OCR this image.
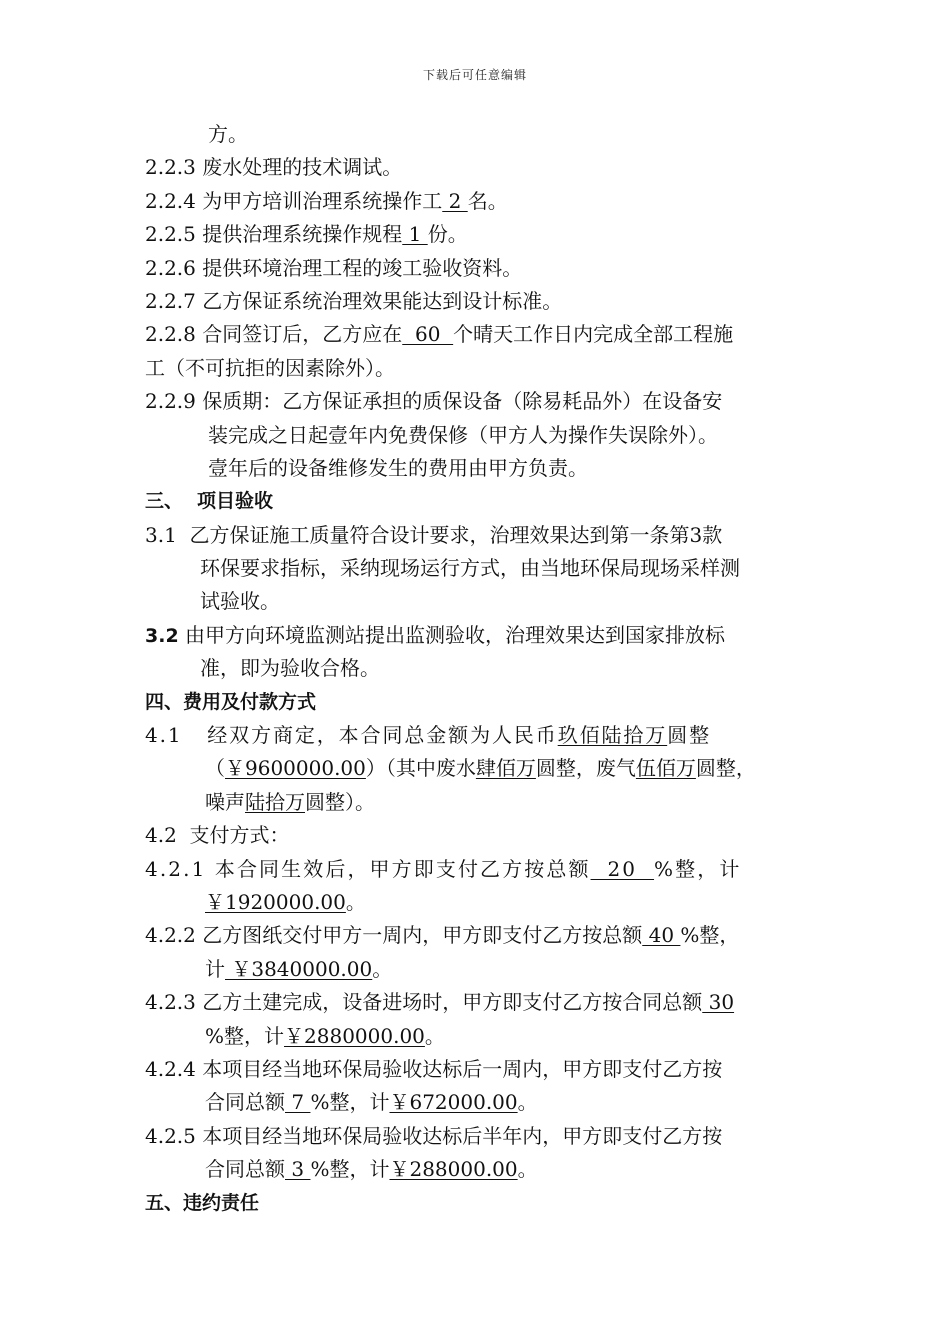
下载后可任意编辑
方。
2.2.3 废水处理的技术调试。
2.2.4 为甲方培训治理系统操作工 2 名。
2.2.5 提供治理系统操作规程 1 份。
2.2.6 提供环境治理工程的竣工验收资料。
2.2.7 乙方保证系统治理效果能达到设计标准。
2.2.8 合同签订后，乙方应在  60  个晴天工作日内完成全部工程施
工（不可抗拒的因素除外）。
2.2.9 保质期：乙方保证承担的质保设备（除易耗品外）在设备安
装完成之日起壹年内免费保修（甲方人为操作失误除外）。
壹年后的设备维修发生的费用由甲方负责。
三、 项目验收
3.1  乙方保证施工质量符合设计要求，治理效果达到第一条第3款
环保要求指标，采纳现场运行方式，由当地环保局现场采样测
试验收。
3.2 由甲方向环境监测站提出监测验收，治理效果达到国家排放标
准，即为验收合格。
四、费用及付款方式
4.1   经双方商定，本合同总金额为人民币玖佰陆拾万圆整
（￥9600000.00）（其中废水肆佰万圆整，废气伍佰万圆整，
噪声陆拾万圆整）。
4.2  支付方式：
4.2.1 本合同生效后，甲方即支付乙方按总额  20  %整，计
￥1920000.00。
4.2.2 乙方图纸交付甲方一周内，甲方即支付乙方按总额 40 %整，
计 ￥3840000.00。
4.2.3 乙方土建完成，设备进场时，甲方即支付乙方按合同总额 30
%整，计￥2880000.00。
4.2.4 本项目经当地环保局验收达标后一周内，甲方即支付乙方按
合同总额 7 %整，计￥672000.00。
4.2.5 本项目经当地环保局验收达标后半年内，甲方即支付乙方按
合同总额 3 %整，计￥288000.00。
五、违约责任
